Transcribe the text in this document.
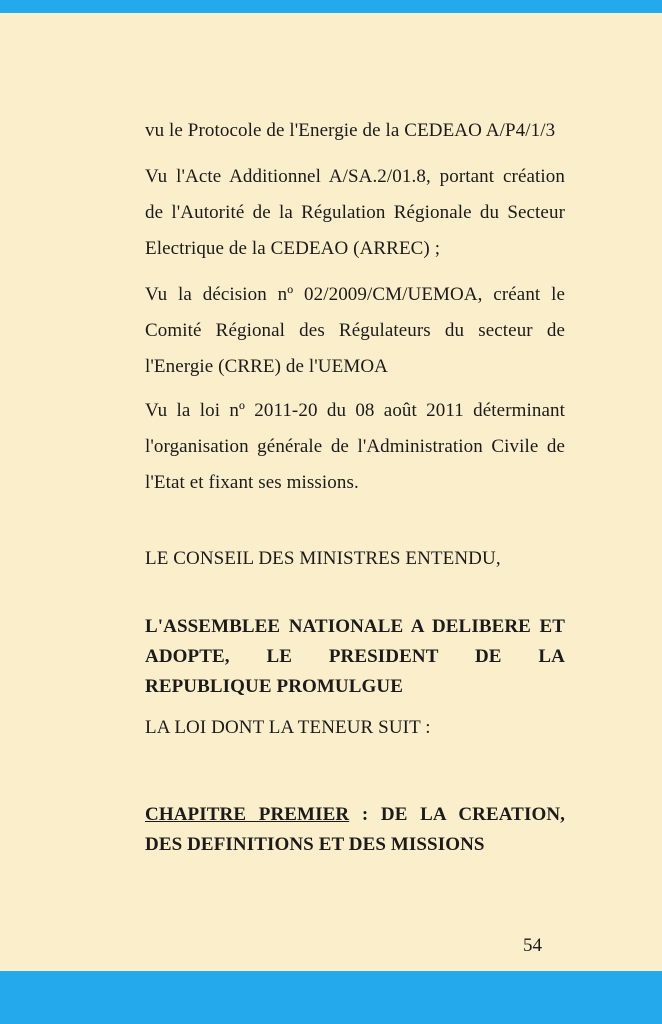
vu le Protocole de l'Energie de la CEDEAO A/P4/1/3

Vu l'Acte Additionnel A/SA.2/01.8, portant création de l'Autorité de la Régulation Régionale du Secteur Electrique de la CEDEAO (ARREC) ;

Vu la décision nº 02/2009/CM/UEMOA, créant le Comité Régional des Régulateurs du secteur de l'Energie (CRRE) de l'UEMOA

Vu la loi nº 2011-20 du 08 août 2011 déterminant l'organisation générale de l'Administration Civile de l'Etat et fixant ses missions.

LE CONSEIL DES MINISTRES ENTENDU,

L'ASSEMBLEE NATIONALE A DELIBERE ET ADOPTE, LE PRESIDENT DE LA REPUBLIQUE PROMULGUE

LA LOI DONT LA TENEUR SUIT :

CHAPITRE PREMIER : DE LA CREATION, DES DEFINITIONS ET DES MISSIONS

54
